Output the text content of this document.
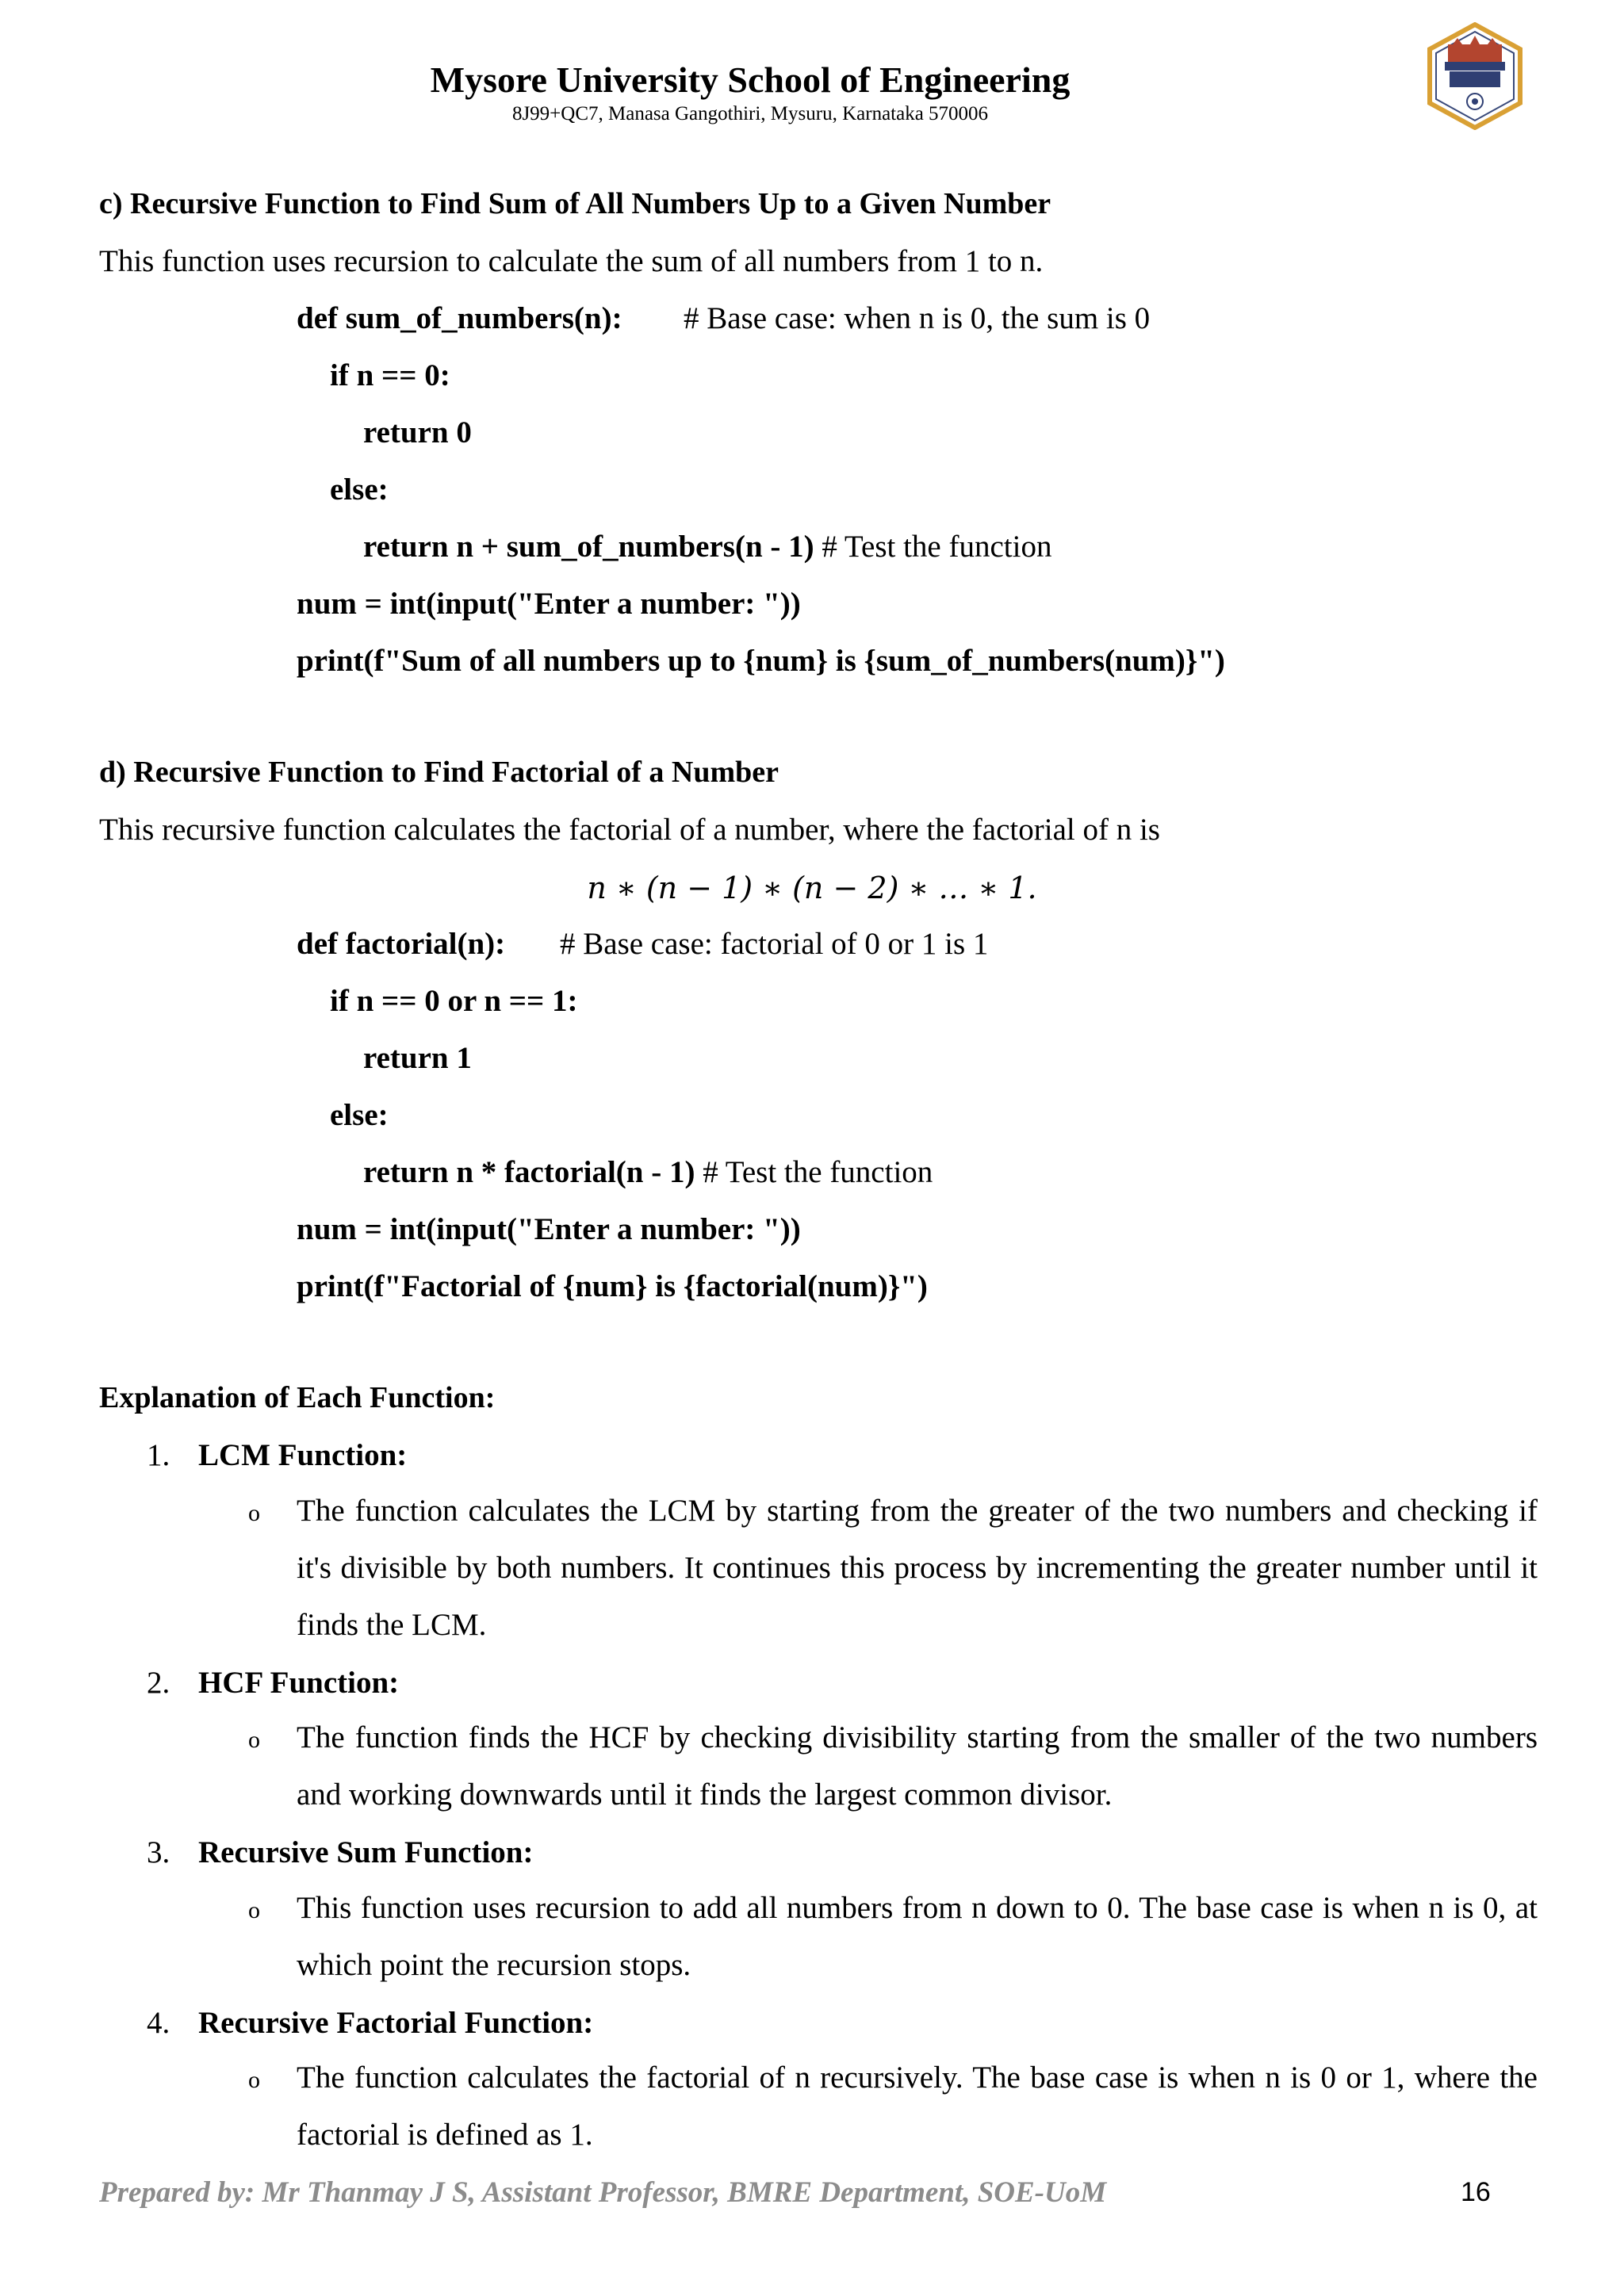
Mysore University School of Engineering
8J99+QC7, Manasa Gangothiri, Mysuru, Karnataka 570006
c) Recursive Function to Find Sum of All Numbers Up to a Given Number
This function uses recursion to calculate the sum of all numbers from 1 to n.
def sum_of_numbers(n): # Base case: when n is 0, the sum is 0
if n == 0:
return 0
else:
return n + sum_of_numbers(n - 1) # Test the function
num = int(input("Enter a number: "))
print(f"Sum of all numbers up to {num} is {sum_of_numbers(num)}")
d) Recursive Function to Find Factorial of a Number
This recursive function calculates the factorial of a number, where the factorial of n is
n ∗ (n − 1) ∗ (n − 2) ∗ … ∗ 1.
def factorial(n): # Base case: factorial of 0 or 1 is 1
if n == 0 or n == 1:
return 1
else:
return n * factorial(n - 1) # Test the function
num = int(input("Enter a number: "))
print(f"Factorial of {num} is {factorial(num)}")
Explanation of Each Function:
1. LCM Function:
o The function calculates the LCM by starting from the greater of the two numbers and checking if it's divisible by both numbers. It continues this process by incrementing the greater number until it finds the LCM.
2. HCF Function:
o The function finds the HCF by checking divisibility starting from the smaller of the two numbers and working downwards until it finds the largest common divisor.
3. Recursive Sum Function:
o This function uses recursion to add all numbers from n down to 0. The base case is when n is 0, at which point the recursion stops.
4. Recursive Factorial Function:
o The function calculates the factorial of n recursively. The base case is when n is 0 or 1, where the factorial is defined as 1.
Prepared by: Mr Thanmay J S, Assistant Professor, BMRE Department, SOE-UoM	16
